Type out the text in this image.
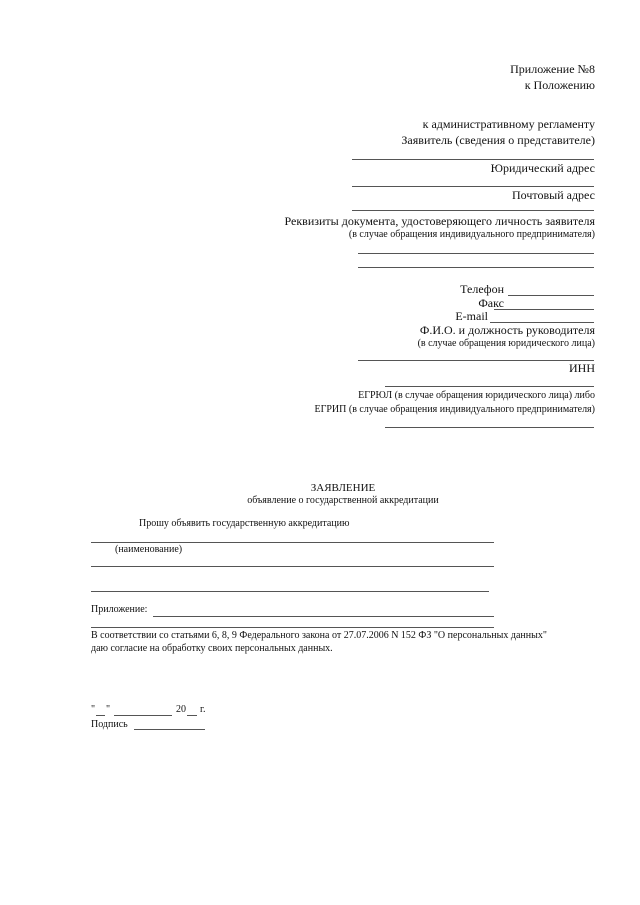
Приложение №8
к Положению
к административному регламенту
Заявитель (сведения о представителе)
Юридический адрес
Почтовый адрес
Реквизиты документа, удостоверяющего личность заявителя
(в случае обращения индивидуального предпринимателя)
Телефон
Факс
E-mail
Ф.И.О. и должность руководителя
(в случае обращения юридического лица)
ИНН
ЕГРЮЛ (в случае обращения юридического лица) либо
ЕГРИП (в случае обращения индивидуального предпринимателя)
ЗАЯВЛЕНИЕ
объявление о государственной аккредитации
Прошу объявить государственную аккредитацию
(наименование)
Приложение:
В соответствии со статьями 6, 8, 9 Федерального закона от 27.07.2006 N 152 ФЗ "О персональных данных"
даю согласие на обработку своих персональных данных.
" "	20 г.
Подпись
